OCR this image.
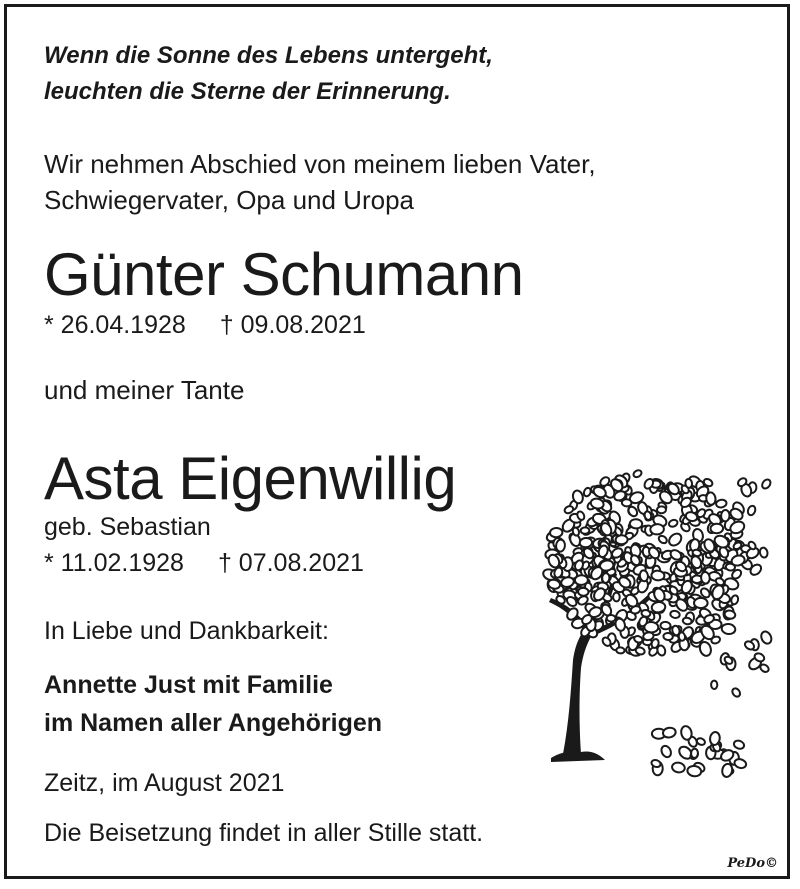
Wenn die Sonne des Lebens untergeht,
leuchten die Sterne der Erinnerung.
Wir nehmen Abschied von meinem lieben Vater,
Schwiegervater, Opa und Uropa
Günter Schumann
* 26.04.1928 † 09.08.2021
und meiner Tante
Asta Eigenwillig
geb. Sebastian
* 11.02.1928 † 07.08.2021
In Liebe und Dankbarkeit:
Annette Just mit Familie
im Namen aller Angehörigen
Zeitz, im August 2021
Die Beisetzung findet in aller Stille statt.
PeDo©
